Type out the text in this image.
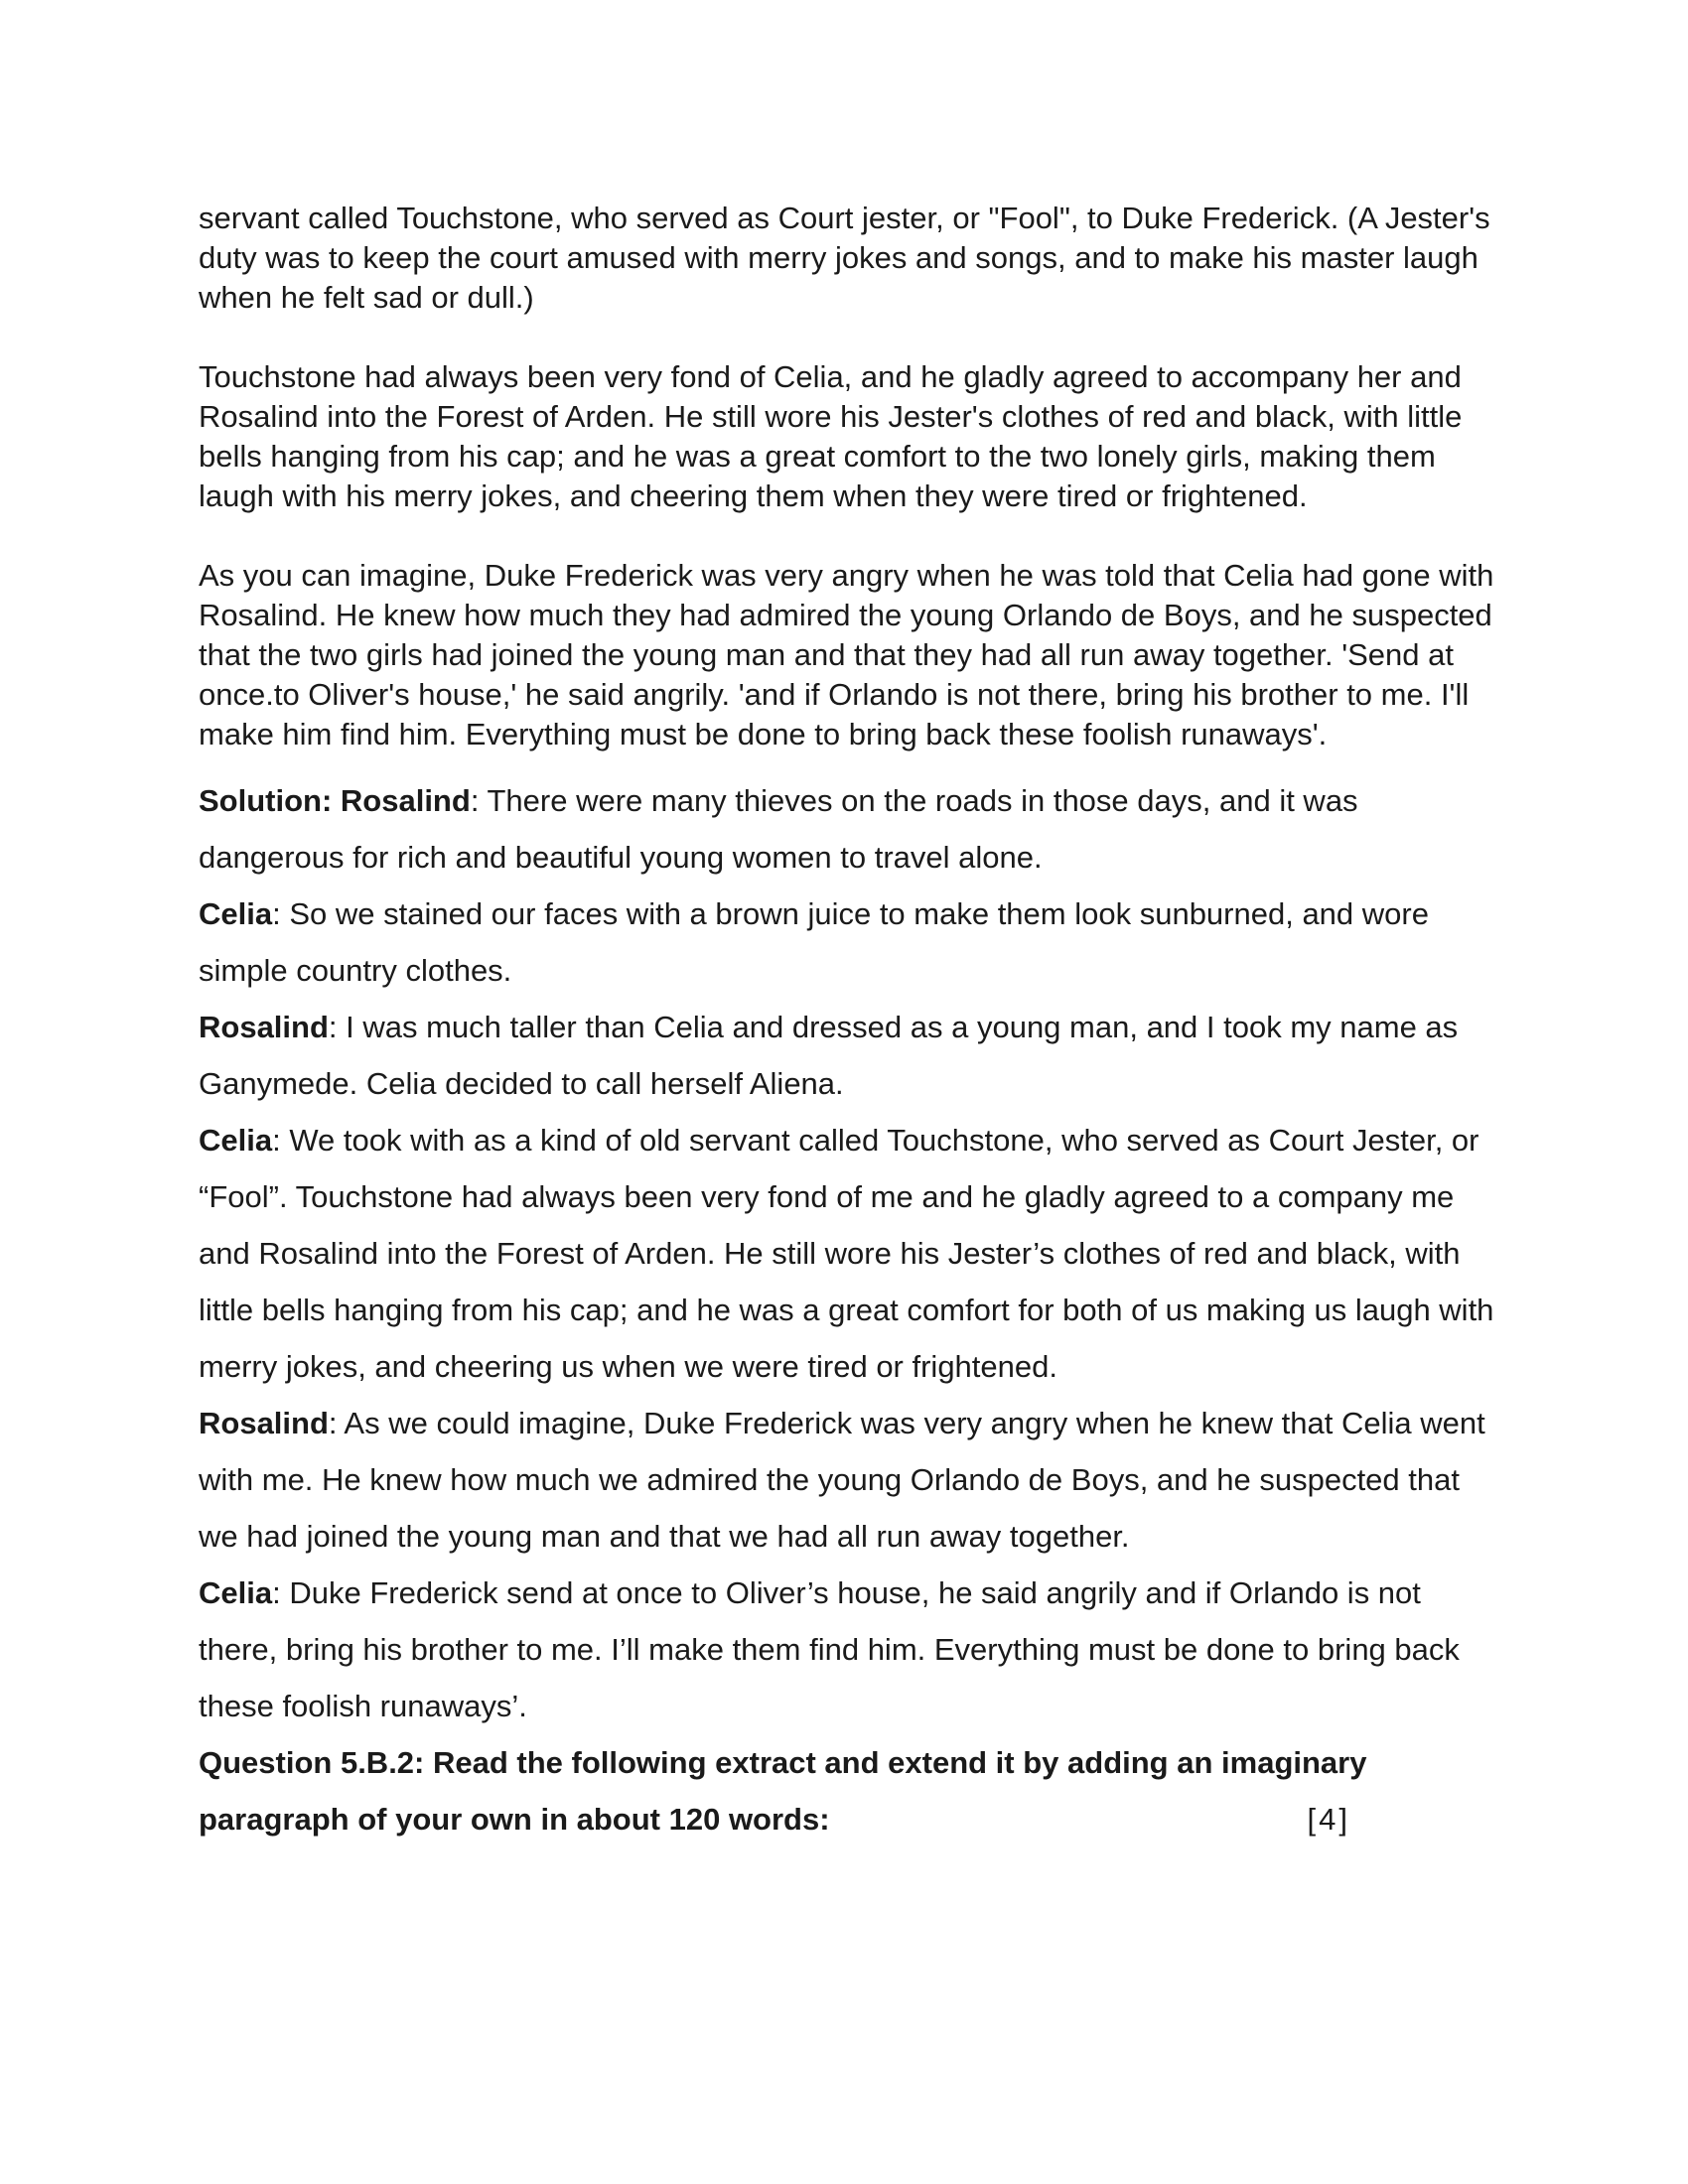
servant called Touchstone, who served as Court jester, or "Fool", to Duke Frederick. (A Jester's duty was to keep the court amused with merry jokes and songs, and to make his master laugh when he felt sad or dull.)

Touchstone had always been very fond of Celia, and he gladly agreed to accompany her and Rosalind into the Forest of Arden. He still wore his Jester's clothes of red and black, with little bells hanging from his cap; and he was a great comfort to the two lonely girls, making them laugh with his merry jokes, and cheering them when they were tired or frightened.

As you can imagine, Duke Frederick was very angry when he was told that Celia had gone with Rosalind. He knew how much they had admired the young Orlando de Boys, and he suspected that the two girls had joined the young man and that they had all run away together. 'Send at once.to Oliver's house,' he said angrily. 'and if Orlando is not there, bring his brother to me. I'll make him find him. Everything must be done to bring back these foolish runaways'.

Solution: Rosalind: There were many thieves on the roads in those days, and it was dangerous for rich and beautiful young women to travel alone.

Celia: So we stained our faces with a brown juice to make them look sunburned, and wore simple country clothes.

Rosalind: I was much taller than Celia and dressed as a young man, and I took my name as Ganymede. Celia decided to call herself Aliena.

Celia: We took with as a kind of old servant called Touchstone, who served as Court Jester, or “Fool”. Touchstone had always been very fond of me and he gladly agreed to a company me and Rosalind into the Forest of Arden. He still wore his Jester’s clothes of red and black, with little bells hanging from his cap; and he was a great comfort for both of us making us laugh with merry jokes, and cheering us when we were tired or frightened.

Rosalind: As we could imagine, Duke Frederick was very angry when he knew that Celia went with me. He knew how much we admired the young Orlando de Boys, and he suspected that we had joined the young man and that we had all run away together.

Celia: Duke Frederick send at once to Oliver’s house, he said angrily and if Orlando is not there, bring his brother to me. I’ll make them find him. Everything must be done to bring back these foolish runaways’.

Question 5.B.2: Read the following extract and extend it by adding an imaginary paragraph of your own in about 120 words:	[4]
